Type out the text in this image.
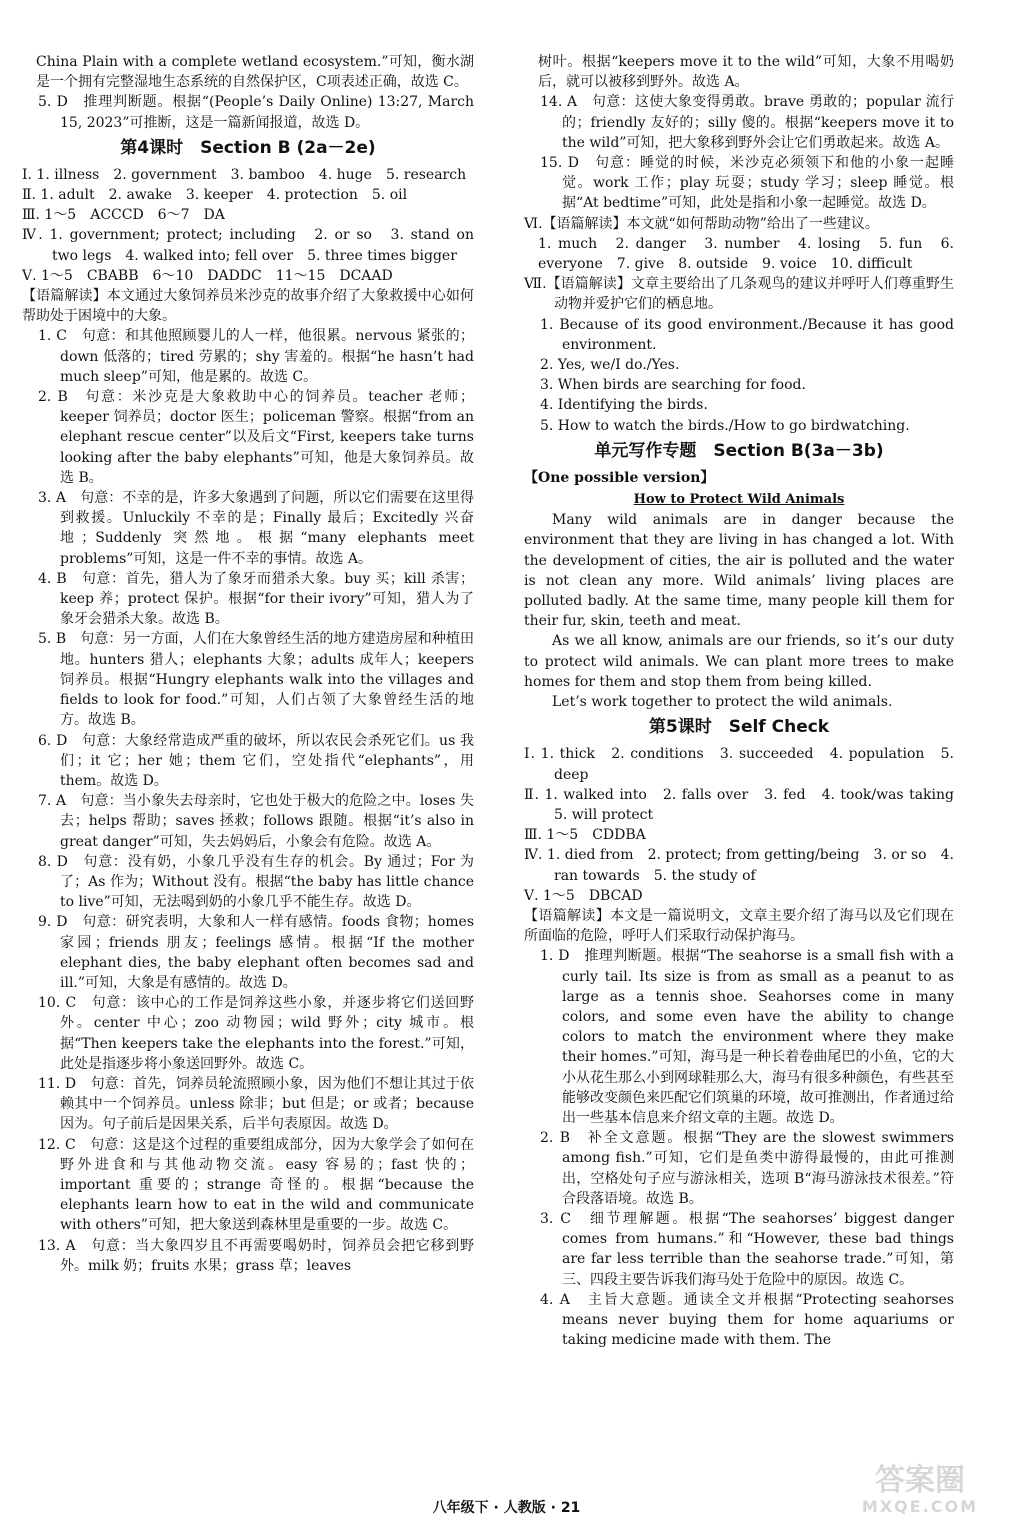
China Plain with a complete wetland ecosystem.”可知，衡水湖是一个拥有完整湿地生态系统的自然保护区，C项表述正确，故选 C。

5. D　推理判断题。根据“(People’s Daily Online) 13:27, March 15, 2023”可推断，这是一篇新闻报道，故选 D。

第4课时　Section B (2a－2e)

Ⅰ. 1. illness　2. government　3. bamboo　4. huge　5. research

Ⅱ. 1. adult　2. awake　3. keeper　4. protection　5. oil

Ⅲ. 1～5　ACCCD　6～7　DA

Ⅳ. 1. government; protect; including　2. or so　3. stand on two legs　4. walked into; fell over　5. three times bigger

Ⅴ. 1～5　CBABB　6～10　DADDC　11～15　DCAAD

【语篇解读】本文通过大象饲养员米沙克的故事介绍了大象救援中心如何帮助处于困境中的大象。

1. C　句意：和其他照顾婴儿的人一样，他很累。nervous 紧张的；down 低落的；tired 劳累的；shy 害羞的。根据“he hasn’t had much sleep”可知，他是累的。故选 C。

2. B　句意：米沙克是大象救助中心的饲养员。teacher 老师；keeper 饲养员；doctor 医生；policeman 警察。根据“from an elephant rescue center”以及后文“First, keepers take turns looking after the baby elephants”可知，他是大象饲养员。故选 B。

3. A　句意：不幸的是，许多大象遇到了问题，所以它们需要在这里得到救援。Unluckily 不幸的是；Finally 最后；Excitedly 兴奋地；Suddenly 突然地。根据“many elephants meet problems”可知，这是一件不幸的事情。故选 A。

4. B　句意：首先，猎人为了象牙而猎杀大象。buy 买；kill 杀害；keep 养；protect 保护。根据“for their ivory”可知，猎人为了象牙会猎杀大象。故选 B。

5. B　句意：另一方面，人们在大象曾经生活的地方建造房屋和种植田地。hunters 猎人；elephants 大象；adults 成年人；keepers 饲养员。根据“Hungry elephants walk into the villages and fields to look for food.”可知，人们占领了大象曾经生活的地方。故选 B。

6. D　句意：大象经常造成严重的破坏，所以农民会杀死它们。us 我们；it 它；her 她；them 它们，空处指代“elephants”，用 them。故选 D。

7. A　句意：当小象失去母亲时，它也处于极大的危险之中。loses 失去；helps 帮助；saves 拯救；follows 跟随。根据“it’s also in great danger”可知，失去妈妈后，小象会有危险。故选 A。

8. D　句意：没有奶，小象几乎没有生存的机会。By 通过；For 为了；As 作为；Without 没有。根据“the baby has little chance to live”可知，无法喝到奶的小象几乎不能生存。故选 D。

9. D　句意：研究表明，大象和人一样有感情。foods 食物；homes 家园；friends 朋友；feelings 感情。根据“If the mother elephant dies, the baby elephant often becomes sad and ill.”可知，大象是有感情的。故选 D。

10. C　句意：该中心的工作是饲养这些小象，并逐步将它们送回野外。center 中心；zoo 动物园；wild 野外；city 城市。根据“Then keepers take the elephants into the forest.”可知，此处是指逐步将小象送回野外。故选 C。

11. D　句意：首先，饲养员轮流照顾小象，因为他们不想让其过于依赖其中一个饲养员。unless 除非；but 但是；or 或者；because 因为。句子前后是因果关系，后半句表原因。故选 D。

12. C　句意：这是这个过程的重要组成部分，因为大象学会了如何在野外进食和与其他动物交流。easy 容易的；fast 快的；important 重要的；strange 奇怪的。根据“because the elephants learn how to eat in the wild and communicate with others”可知，把大象送到森林里是重要的一步。故选 C。

13. A　句意：当大象四岁且不再需要喝奶时，饲养员会把它移到野外。milk 奶；fruits 水果；grass 草；leaves

树叶。根据“keepers move it to the wild”可知，大象不用喝奶后，就可以被移到野外。故选 A。

14. A　句意：这使大象变得勇敢。brave 勇敢的；popular 流行的；friendly 友好的；silly 傻的。根据“keepers move it to the wild”可知，把大象移到野外会让它们勇敢起来。故选 A。

15. D　句意：睡觉的时候，米沙克必须领下和他的小象一起睡觉。work 工作；play 玩耍；study 学习；sleep 睡觉。根据“At bedtime”可知，此处是指和小象一起睡觉。故选 D。

Ⅵ.【语篇解读】本文就“如何帮助动物”给出了一些建议。

1. much　2. danger　3. number　4. losing　5. fun　6. everyone　7. give　8. outside　9. voice　10. difficult

Ⅶ.【语篇解读】文章主要给出了几条观鸟的建议并呼吁人们尊重野生动物并爱护它们的栖息地。

1. Because of its good environment./Because it has good environment.

2. Yes, we/I do./Yes.

3. When birds are searching for food.

4. Identifying the birds.

5. How to watch the birds./How to go birdwatching.

单元写作专题　Section B(3a－3b)

【One possible version】

How to Protect Wild Animals

Many wild animals are in danger because the environment that they are living in has changed a lot. With the development of cities, the air is polluted and the water is not clean any more. Wild animals’ living places are polluted badly. At the same time, many people kill them for their fur, skin, teeth and meat.

As we all know, animals are our friends, so it’s our duty to protect wild animals. We can plant more trees to make homes for them and stop them from being killed.

Let’s work together to protect the wild animals.

第5课时　Self Check

Ⅰ. 1. thick　2. conditions　3. succeeded　4. population　5. deep

Ⅱ. 1. walked into　2. falls over　3. fed　4. took/was taking　5. will protect

Ⅲ. 1～5　CDDBA

Ⅳ. 1. died from　2. protect; from getting/being　3. or so　4. ran towards　5. the study of

Ⅴ. 1～5　DBCAD

【语篇解读】本文是一篇说明文，文章主要介绍了海马以及它们现在所面临的危险，呼吁人们采取行动保护海马。

1. D　推理判断题。根据“The seahorse is a small fish with a curly tail. Its size is from as small as a peanut to as large as a tennis shoe. Seahorses come in many colors, and some even have the ability to change colors to match the environment where they make their homes.”可知，海马是一种长着卷曲尾巴的小鱼，它的大小从花生那么小到网球鞋那么大，海马有很多种颜色，有些甚至能够改变颜色来匹配它们筑巢的环境，故可推测出，作者通过给出一些基本信息来介绍文章的主题。故选 D。

2. B　补全文意题。根据“They are the slowest swimmers among fish.”可知，它们是鱼类中游得最慢的，由此可推测出，空格处句子应与游泳相关，选项 B“海马游泳技术很差。”符合段落语境。故选 B。

3. C　细节理解题。根据“The seahorses’ biggest danger comes from humans.”和“However, these bad things are far less terrible than the seahorse trade.”可知，第三、四段主要告诉我们海马处于危险中的原因。故选 C。

4. A　主旨大意题。通读全文并根据“Protecting seahorses means never buying them for home aquariums or taking medicine made with them. The

八年级下 · 人教版 · 21
答案圈
MXQE.COM
